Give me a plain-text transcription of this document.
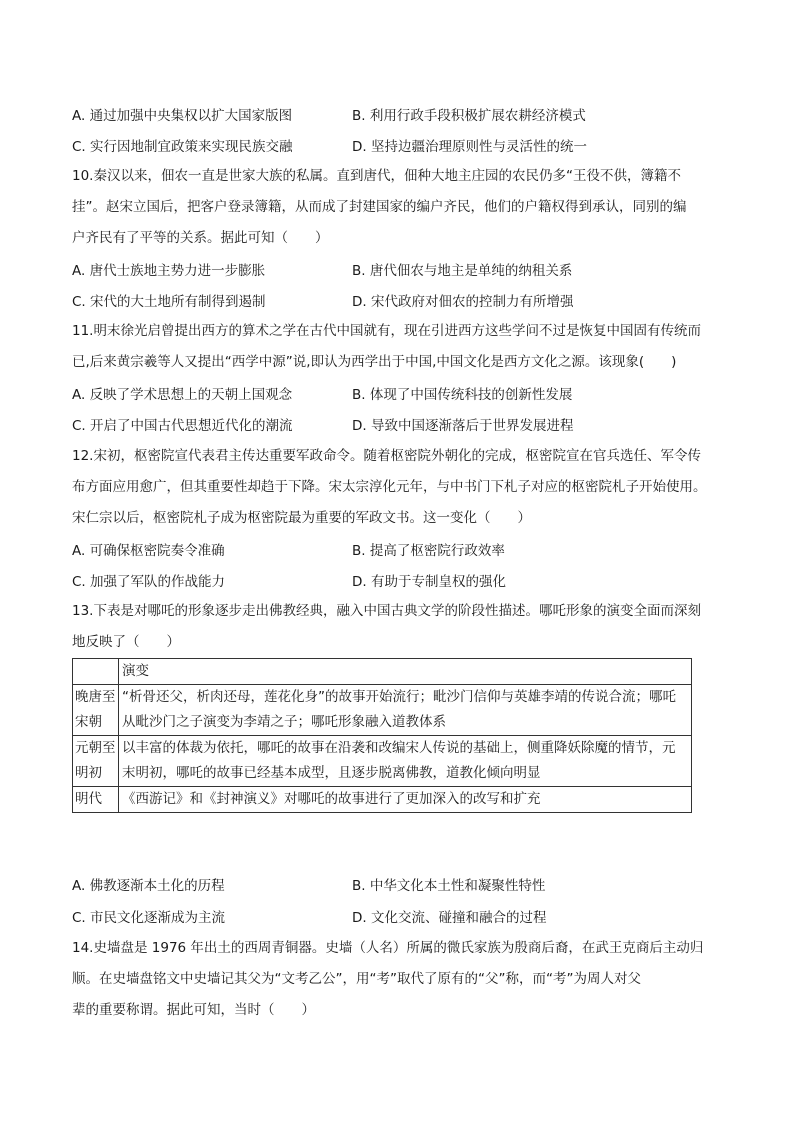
A. 通过加强中央集权以扩大国家版图	B. 利用行政手段积极扩展农耕经济模式
C. 实行因地制宜政策来实现民族交融	D. 坚持边疆治理原则性与灵活性的统一
10.秦汉以来，佃农一直是世家大族的私属。直到唐代，佃种大地主庄园的农民仍多“王役不供，簿籍不
挂”。赵宋立国后，把客户登录簿籍，从而成了封建国家的编户齐民，他们的户籍权得到承认，同别的编
户齐民有了平等的关系。据此可知（　　）
A. 唐代士族地主势力进一步膨胀	B. 唐代佃农与地主是单纯的纳租关系
C. 宋代的大土地所有制得到遏制	D. 宋代政府对佃农的控制力有所增强
11.明末徐光启曾提出西方的算术之学在古代中国就有，现在引进西方这些学问不过是恢复中国固有传统而
已,后来黄宗羲等人又提出“西学中源”说,即认为西学出于中国,中国文化是西方文化之源。该现象(　　)
A. 反映了学术思想上的天朝上国观念	B. 体现了中国传统科技的创新性发展
C. 开启了中国古代思想近代化的潮流	D. 导致中国逐渐落后于世界发展进程
12.宋初，枢密院宣代表君主传达重要军政命令。随着枢密院外朝化的完成，枢密院宣在官兵选任、军令传
布方面应用愈广，但其重要性却趋于下降。宋太宗淳化元年，与中书门下札子对应的枢密院札子开始使用。
宋仁宗以后，枢密院札子成为枢密院最为重要的军政文书。这一变化（　　）
A. 可确保枢密院奏令准确	B. 提高了枢密院行政效率
C. 加强了军队的作战能力	D. 有助于专制皇权的强化
13.下表是对哪吒的形象逐步走出佛教经典，融入中国古典文学的阶段性描述。哪吒形象的演变全面而深刻
地反映了（　　）
	演变
晚唐至宋朝	“析骨还父，析肉还母，莲花化身”的故事开始流行；毗沙门信仰与英雄李靖的传说合流；哪吒从毗沙门之子演变为李靖之子；哪吒形象融入道教体系
元朝至明初	以丰富的体裁为依托，哪吒的故事在沿袭和改编宋人传说的基础上，侧重降妖除魔的情节，元末明初，哪吒的故事已经基本成型，且逐步脱离佛教，道教化倾向明显
明代	《西游记》和《封神演义》对哪吒的故事进行了更加深入的改写和扩充
A. 佛教逐渐本土化的历程	B. 中华文化本土性和凝聚性特性
C. 市民文化逐渐成为主流	D. 文化交流、碰撞和融合的过程
14.史墙盘是 1976 年出土的西周青铜器。史墙（人名）所属的微氏家族为殷商后裔，在武王克商后主动归
顺。在史墙盘铭文中史墙记其父为“文考乙公”，用“考”取代了原有的“父”称，而“考”为周人对父
辈的重要称谓。据此可知，当时（　　）
